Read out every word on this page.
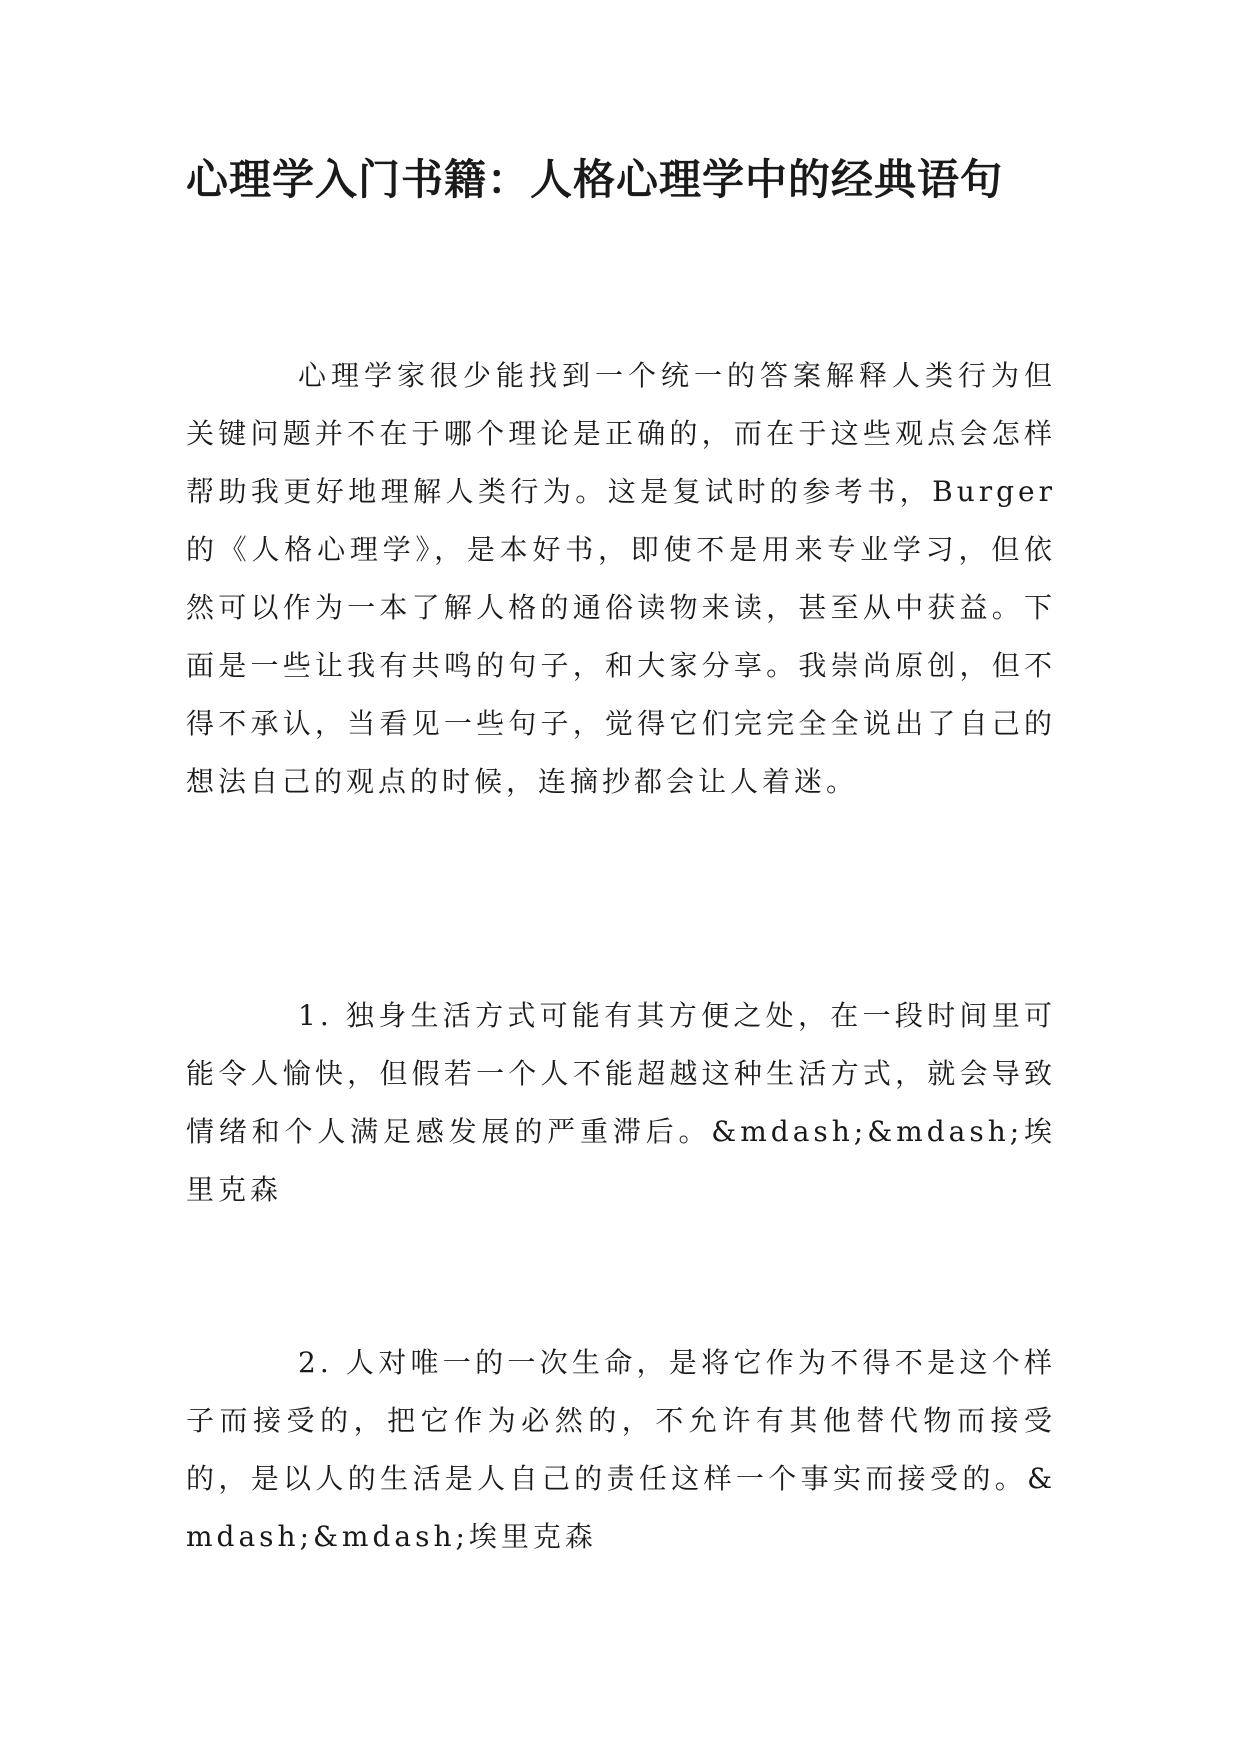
心理学入门书籍：人格心理学中的经典语句

心理学家很少能找到一个统一的答案解释人类行为但关键问题并不在于哪个理论是正确的，而在于这些观点会怎样帮助我更好地理解人类行为。这是复试时的参考书，Burger的《人格心理学》，是本好书，即使不是用来专业学习，但依然可以作为一本了解人格的通俗读物来读，甚至从中获益。下面是一些让我有共鸣的句子，和大家分享。我崇尚原创，但不得不承认，当看见一些句子，觉得它们完完全全说出了自己的想法自己的观点的时候，连摘抄都会让人着迷。

1. 独身生活方式可能有其方便之处，在一段时间里可能令人愉快，但假若一个人不能超越这种生活方式，就会导致情绪和个人满足感发展的严重滞后。&mdash;&mdash;埃里克森

2. 人对唯一的一次生命，是将它作为不得不是这个样子而接受的，把它作为必然的，不允许有其他替代物而接受的，是以人的生活是人自己的责任这样一个事实而接受的。&mdash;&mdash;埃里克森
